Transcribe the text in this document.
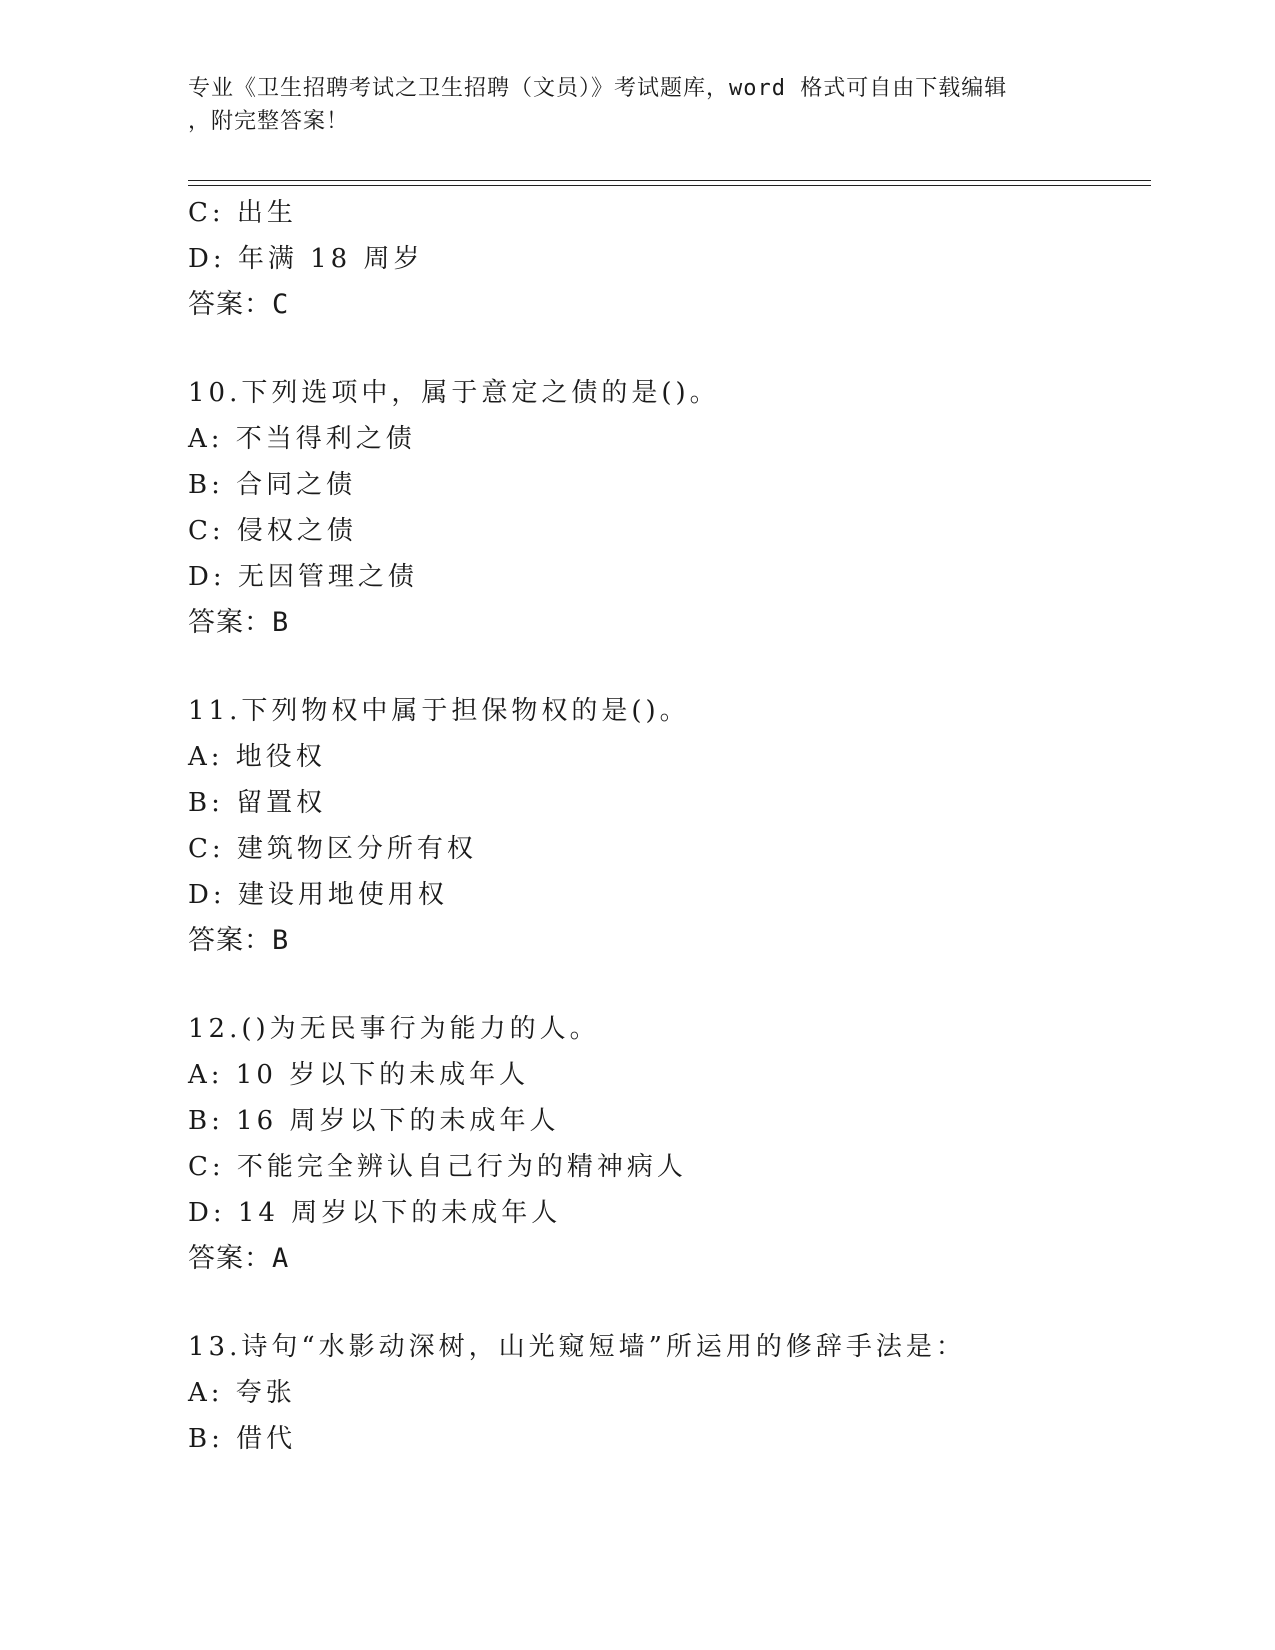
专业《卫生招聘考试之卫生招聘（文员）》考试题库，word 格式可自由下载编辑
，附完整答案！
C: 出生
D: 年满 18 周岁
答案：C
10.下列选项中，属于意定之债的是()。
A: 不当得利之债
B: 合同之债
C: 侵权之债
D: 无因管理之债
答案：B
11.下列物权中属于担保物权的是()。
A: 地役权
B: 留置权
C: 建筑物区分所有权
D: 建设用地使用权
答案：B
12.()为无民事行为能力的人。
A: 10 岁以下的未成年人
B: 16 周岁以下的未成年人
C: 不能完全辨认自己行为的精神病人
D: 14 周岁以下的未成年人
答案：A
13.诗句“水影动深树，山光窥短墙”所运用的修辞手法是：
A: 夸张
B: 借代
